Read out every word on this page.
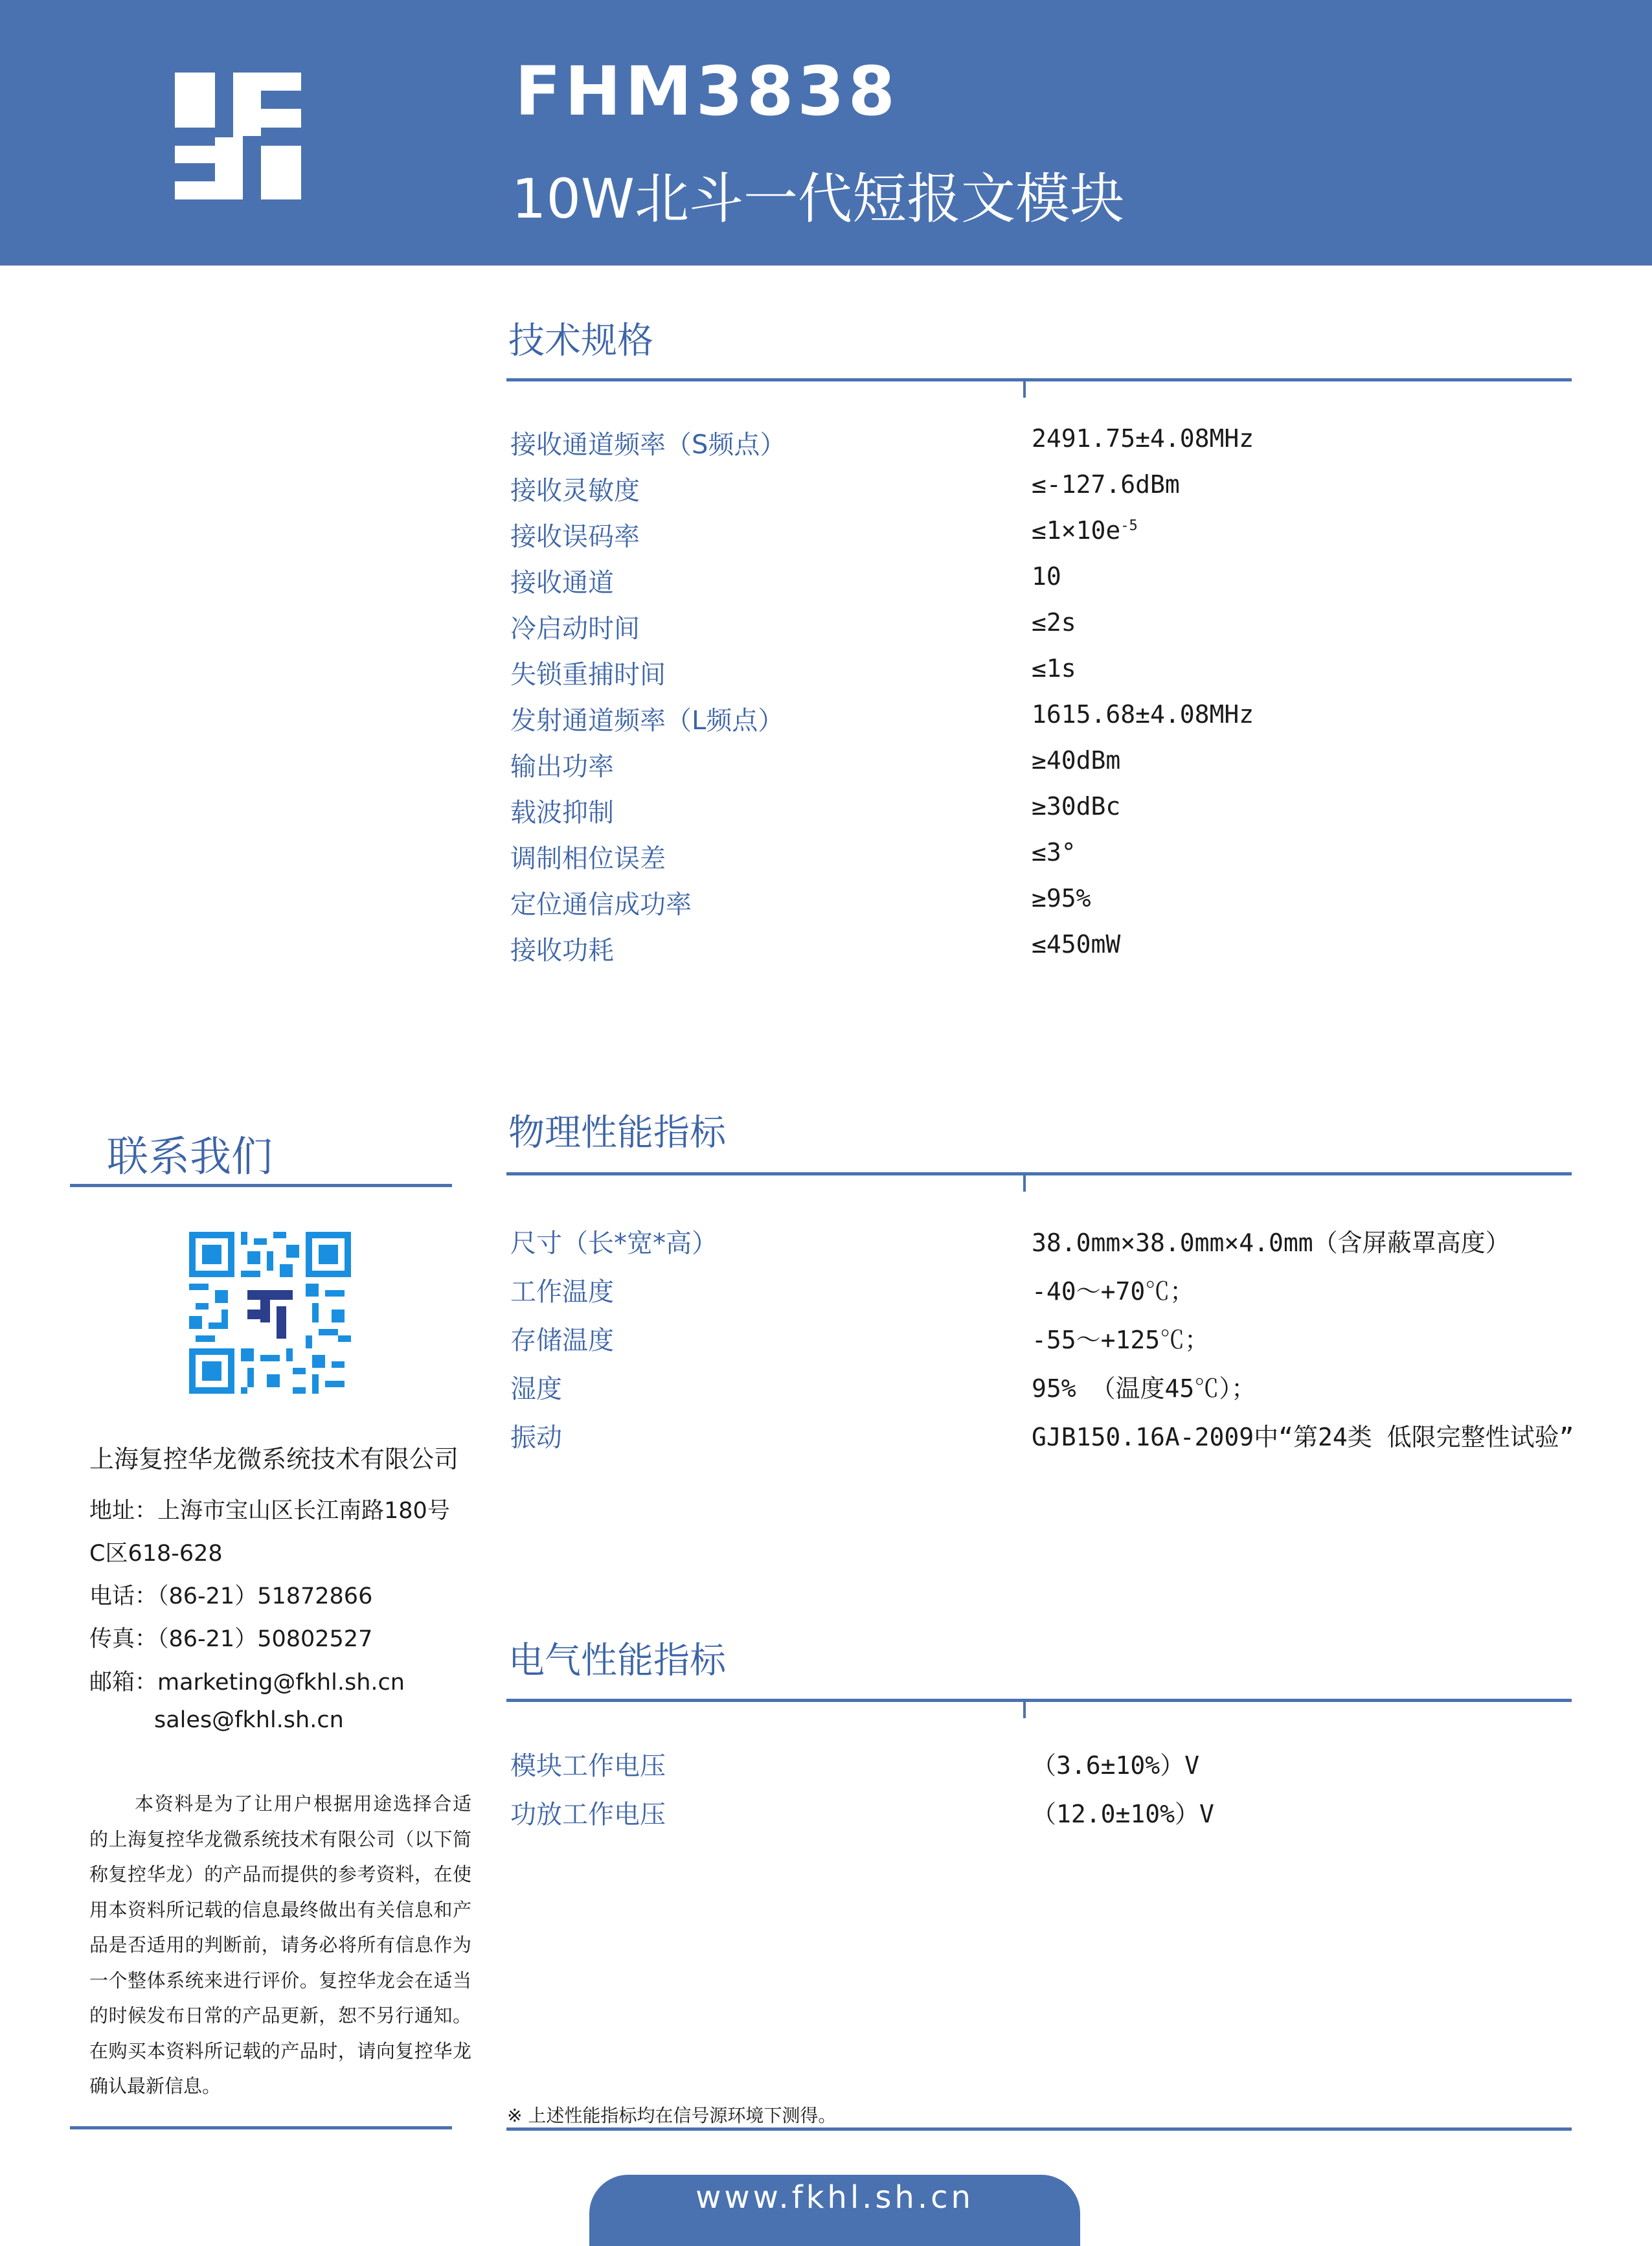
FHM3838
10W北斗一代短报文模块
技术规格
接收通道频率（S频点）	2491.75±4.08MHz
接收灵敏度	≤-127.6dBm
接收误码率	$\le 1\times 10e^{-5}$
接收通道	10
冷启动时间	≤2s
失锁重捕时间	≤1s
发射通道频率（L频点）	1615.68±4.08MHz
输出功率	≥40dBm
载波抑制	≥30dBc
调制相位误差	≤3°
定位通信成功率	≥95%
接收功耗	≤450mW
物理性能指标
尺寸（长*宽*高）	38.0mm×38.0mm×4.0mm（含屏蔽罩高度）
工作温度	-40～+70℃；
存储温度	-55～+125℃；
湿度	95% （温度45℃）；
振动	GJB150.16A-2009中“第24类 低限完整性试验”
电气性能指标
模块工作电压	（3.6±10%）V
功放工作电压	（12.0±10%）V
联系我们
上海复控华龙微系统技术有限公司
地址：上海市宝山区长江南路180号
C区618-628
电话：（86-21）51872866
传真：（86-21）50802527
邮箱：marketing@fkhl.sh.cn
sales@fkhl.sh.cn
本资料是为了让用户根据用途选择合适的上海复控华龙微系统技术有限公司（以下简称复控华龙）的产品而提供的参考资料，在使用本资料所记载的信息最终做出有关信息和产品是否适用的判断前，请务必将所有信息作为一个整体系统来进行评价。复控华龙会在适当的时候发布日常的产品更新，恕不另行通知。在购买本资料所记载的产品时，请向复控华龙确认最新信息。
※ 上述性能指标均在信号源环境下测得。
www.fkhl.sh.cn
